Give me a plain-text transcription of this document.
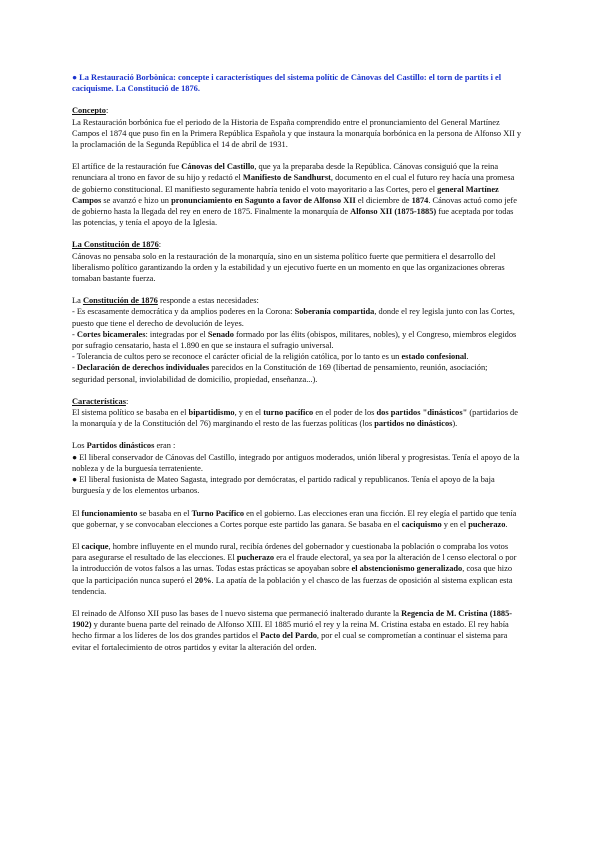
● La Restauració Borbònica: concepte i característiques del sistema polític de Cànovas del Castillo: el torn de partits i el caciquisme. La Constitució de 1876.

Concepto:
La Restauración borbónica fue el periodo de la Historia de España comprendido entre el pronunciamiento del General Martínez Campos el 1874 que puso fin en la Primera República Española y que instaura la monarquía borbónica en la persona de Alfonso XII y la proclamación de la Segunda República el 14 de abril de 1931.

El artífice de la restauración fue Cánovas del Castillo, que ya la preparaba desde la República. Cánovas consiguió que la reina renunciara al trono en favor de su hijo y redactó el Manifiesto de Sandhurst, documento en el cual el futuro rey hacía una promesa de gobierno constitucional. El manifiesto seguramente habría tenido el voto mayoritario a las Cortes, pero el general Martínez Campos se avanzó e hizo un pronunciamiento en Sagunto a favor de Alfonso XII el diciembre de 1874. Cánovas actuó como jefe de gobierno hasta la llegada del rey en enero de 1875. Finalmente la monarquía de Alfonso XII (1875-1885) fue aceptada por todas las potencias, y tenía el apoyo de la Iglesia.

La Constitución de 1876:
Cánovas no pensaba solo en la restauración de la monarquía, sino en un sistema político fuerte que permitiera el desarrollo del liberalismo político garantizando la orden y la estabilidad y un ejecutivo fuerte en un momento en que las organizaciones obreras tomaban bastante fuerza.

La Constitución de 1876 responde a estas necesidades:
- Es escasamente democrática y da amplios poderes en la Corona: Soberanía compartida, donde el rey legisla junto con las Cortes, puesto que tiene el derecho de devolución de leyes.
- Cortes bicamerales: integradas por el Senado formado por las élits (obispos, militares, nobles), y el Congreso, miembros elegidos por sufragio censatario, hasta el 1.890 en que se instaura el sufragio universal.
- Tolerancia de cultos pero se reconoce el carácter oficial de la religión católica, por lo tanto es un estado confesional.
- Declaración de derechos individuales parecidos en la Constitución de 169 (libertad de pensamiento, reunión, asociación; seguridad personal, inviolabilidad de domicilio, propiedad, enseñanza...).

Características:
El sistema político se basaba en el bipartidismo, y en el turno pacífico en el poder de los dos partidos "dinásticos" (partidarios de la monarquía y de la Constitución del 76) marginando el resto de las fuerzas políticas (los partidos no dinásticos).

Los Partidos dinásticos eran :
● El liberal conservador de Cánovas del Castillo, integrado por antiguos moderados, unión liberal y progresistas. Tenía el apoyo de la nobleza y de la burguesía terrateniente.
● El liberal fusionista de Mateo Sagasta, integrado por demócratas, el partido radical y republicanos. Tenía el apoyo de la baja burguesía y de los elementos urbanos.

El funcionamiento se basaba en el Turno Pacífico en el gobierno. Las elecciones eran una ficción. El rey elegía el partido que tenía que gobernar, y se convocaban elecciones a Cortes porque este partido las ganara. Se basaba en el caciquismo y en el pucherazo.

El cacique, hombre influyente en el mundo rural, recibía órdenes del gobernador y cuestionaba la población o compraba los votos para asegurarse el resultado de las elecciones. El pucherazo era el fraude electoral, ya sea por la alteración de l censo electoral o por la introducción de votos falsos a las urnas. Todas estas prácticas se apoyaban sobre el abstencionismo generalizado, cosa que hizo que la participación nunca superó el 20%. La apatía de la población y el chasco de las fuerzas de oposición al sistema explican esta tendencia.

El reinado de Alfonso XII puso las bases de l nuevo sistema que permaneció inalterado durante la Regencia de M. Cristina (1885-1902) y durante buena parte del reinado de Alfonso XIII. El 1885 murió el rey y la reina M. Cristina estaba en estado. El rey había hecho firmar a los líderes de los dos grandes partidos el Pacto del Pardo, por el cual se comprometían a continuar el sistema para evitar el fortalecimiento de otros partidos y evitar la alteración del orden.
